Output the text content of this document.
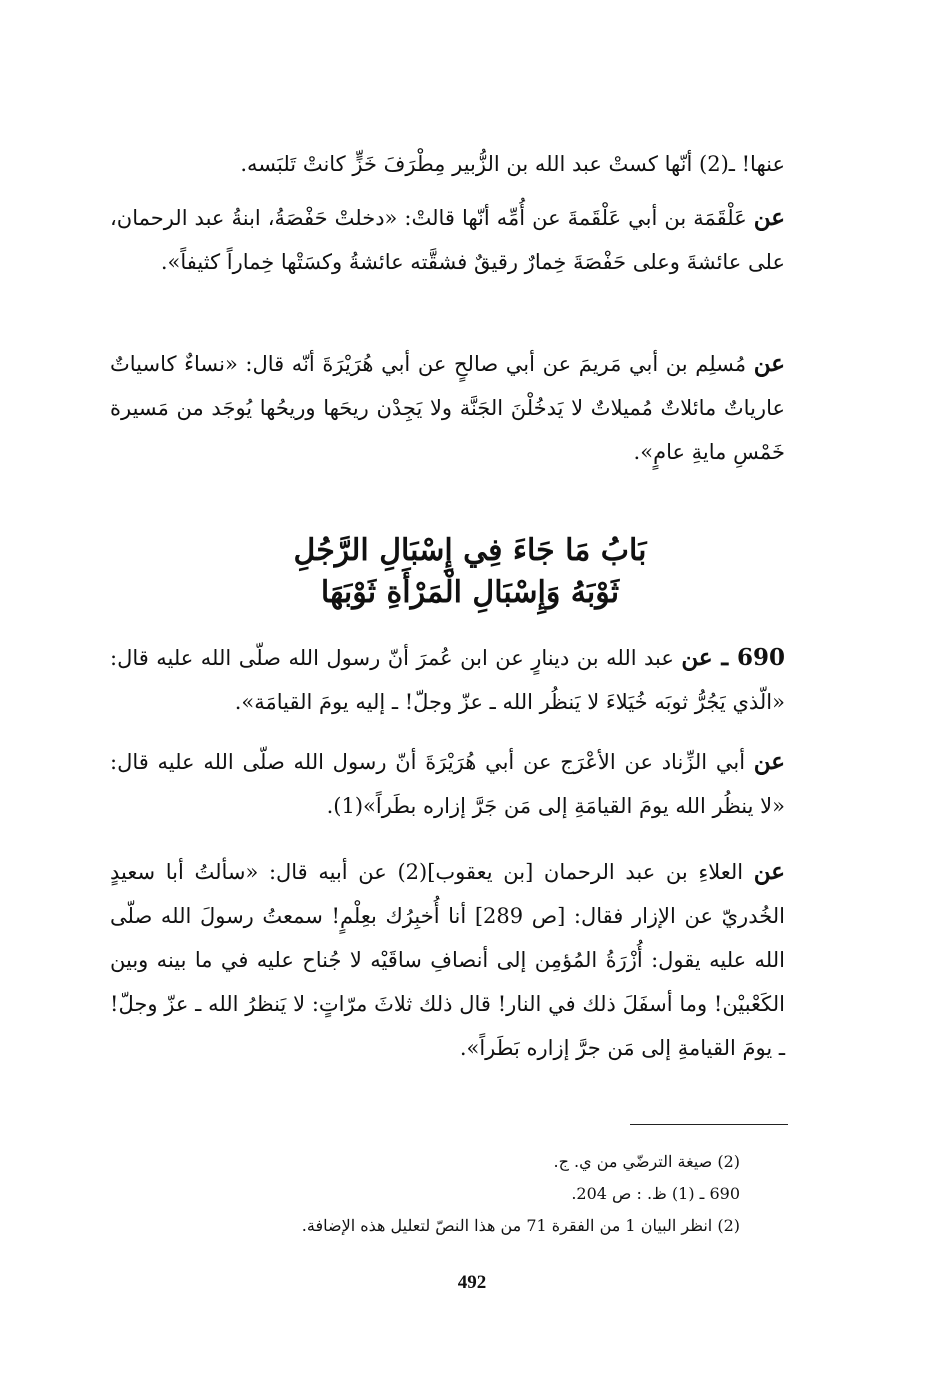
عنها! ـ(2) أنّها كستْ عبد الله بن الزُّبير مِطْرَفَ خَزٍّ كانتْ تَلبَسه.
عن عَلْقَمَة بن أبي عَلْقَمةَ عن أُمِّه أنّها قالتْ: «دخلتْ حَفْصَةُ، ابنةُ عبد الرحمان، على عائشةَ وعلى حَفْصَةَ خِمارٌ رقيقٌ فشقَّته عائشةُ وكسَتْها خِماراً كثيفاً».
عن مُسلِم بن أبي مَريمَ عن أبي صالحٍ عن أبي هُرَيْرَةَ أنّه قال: «نساءٌ كاسياتٌ عارياتٌ مائلاتٌ مُميلاتٌ لا يَدخُلْنَ الجَنَّة ولا يَجِدْن ريحَها وريحُها يُوجَد من مَسيرة خَمْسِ مايةِ عامٍ».
بَابُ مَا جَاءَ فِي إِسْبَالِ الرَّجُلِ
ثَوْبَهُ وَإِسْبَالِ الْمَرْأَةِ ثَوْبَهَا
690 ـ عن عبد الله بن دينارٍ عن ابن عُمرَ أنّ رسول الله صلّى الله عليه قال: «الّذي يَجُرُّ ثوبَه خُيَلاءَ لا يَنظُر الله ـ عزّ وجلّ! ـ إليه يومَ القيامَة».
عن أبي الزِّناد عن الأعْرَج عن أبي هُرَيْرَةَ أنّ رسول الله صلّى الله عليه قال: «لا ينظُر الله يومَ القيامَةِ إلى مَن جَرَّ إزاره بطَراً»(1).
عن العلاءِ بن عبد الرحمان [بن يعقوب](2) عن أبيه قال: «سألتُ أبا سعيدٍ الخُدريّ عن الإزار فقال: [ص 289] أنا أُخبِرُك بعِلْمٍ! سمعتُ رسولَ الله صلّى الله عليه يقول: أُزْرَةُ المُؤمِن إلى أنصافِ ساقَيْه لا جُناح عليه في ما بينه وبين الكَعْبيْن! وما أسفَلَ ذلك في النار! قال ذلك ثلاثَ مرّاتٍ: لا يَنظرُ الله ـ عزّ وجلّ! ـ يومَ القيامةِ إلى مَن جرَّ إزاره بَطَراً».
(2) صيغة الترضّي من ي. ج.
690 ـ (1) ظ. : ص 204.
(2) انظر البيان 1 من الفقرة 71 من هذا النصّ لتعليل هذه الإضافة.
492
